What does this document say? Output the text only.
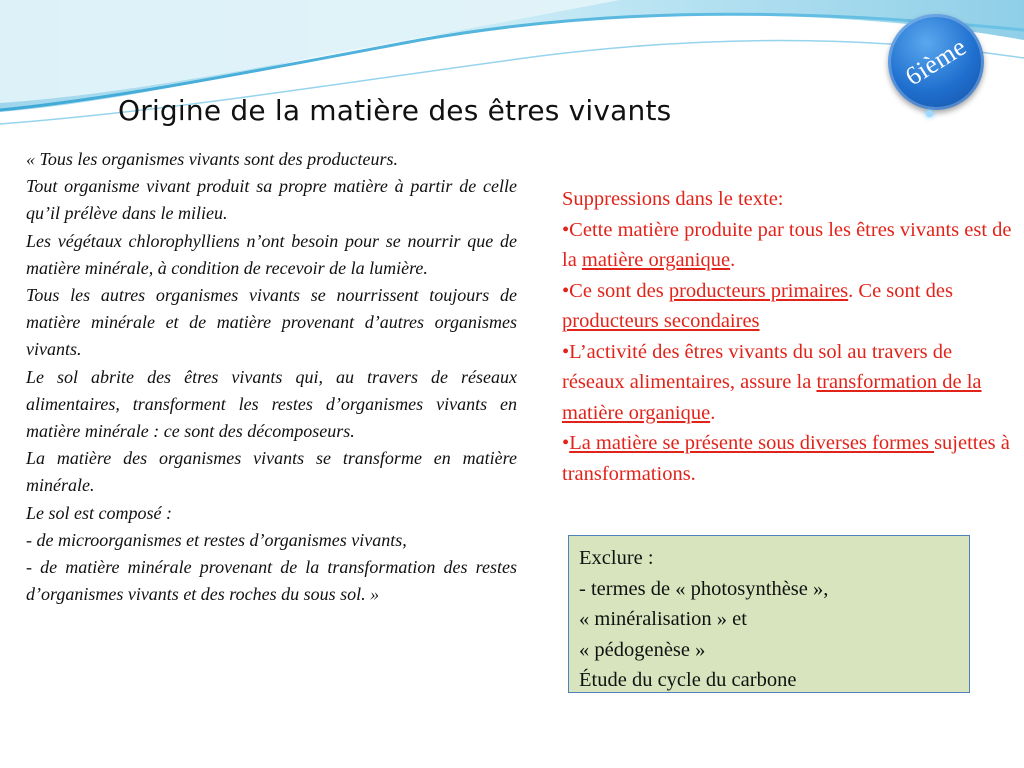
6ième
Origine de la matière des êtres vivants

« Tous les organismes vivants sont des producteurs.

Tout organisme vivant produit sa propre matière à partir de celle qu’il prélève dans le milieu.

Les végétaux chlorophylliens n’ont besoin pour se nourrir que de matière minérale, à condition de recevoir de la lumière.

Tous les autres organismes vivants se nourrissent toujours de matière minérale et de matière provenant d’autres organismes vivants.

Le sol abrite des êtres vivants qui, au travers de réseaux alimentaires, transforment les restes d’organismes vivants en matière minérale : ce sont des décomposeurs.

La matière des organismes vivants se transforme en matière minérale.

Le sol est composé :

- de microorganismes et restes d’organismes vivants,

- de matière minérale provenant de la transformation des restes d’organismes vivants et des roches du sous sol. »

Suppressions dans le texte:

•Cette matière produite par tous les êtres vivants est de la matière organique.

•Ce sont des producteurs primaires. Ce sont des producteurs secondaires

•L’activité des êtres vivants du sol au travers de réseaux alimentaires, assure la transformation de la matière organique.

•La matière se présente sous diverses formes sujettes à transformations.

Exclure :

- termes de « photosynthèse »,

« minéralisation » et

« pédogenèse »

Étude du cycle du carbone
